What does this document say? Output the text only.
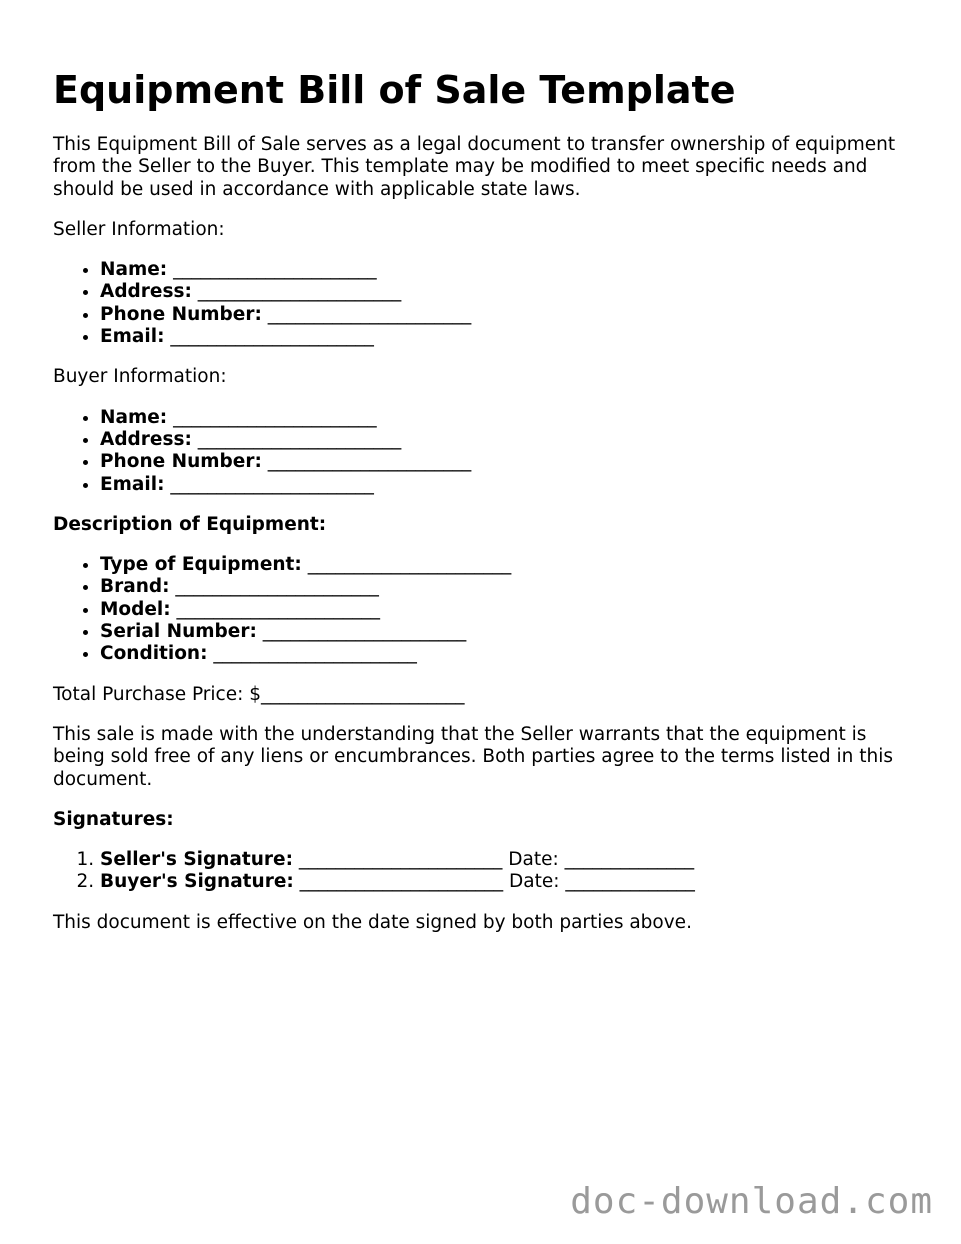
Equipment Bill of Sale Template

This Equipment Bill of Sale serves as a legal document to transfer ownership of equipment from the Seller to the Buyer. This template may be modified to meet specific needs and should be used in accordance with applicable state laws.

Seller Information:

• Name: ______________________
• Address: ______________________
• Phone Number: ______________________
• Email: ______________________

Buyer Information:

• Name: ______________________
• Address: ______________________
• Phone Number: ______________________
• Email: ______________________

Description of Equipment:

• Type of Equipment: ______________________
• Brand: ______________________
• Model: ______________________
• Serial Number: ______________________
• Condition: ______________________

Total Purchase Price: $______________________

This sale is made with the understanding that the Seller warrants that the equipment is being sold free of any liens or encumbrances. Both parties agree to the terms listed in this document.

Signatures:

1. Seller's Signature: ______________________ Date: ______________
2. Buyer's Signature: ______________________ Date: ______________

This document is effective on the date signed by both parties above.

doc-download.com
